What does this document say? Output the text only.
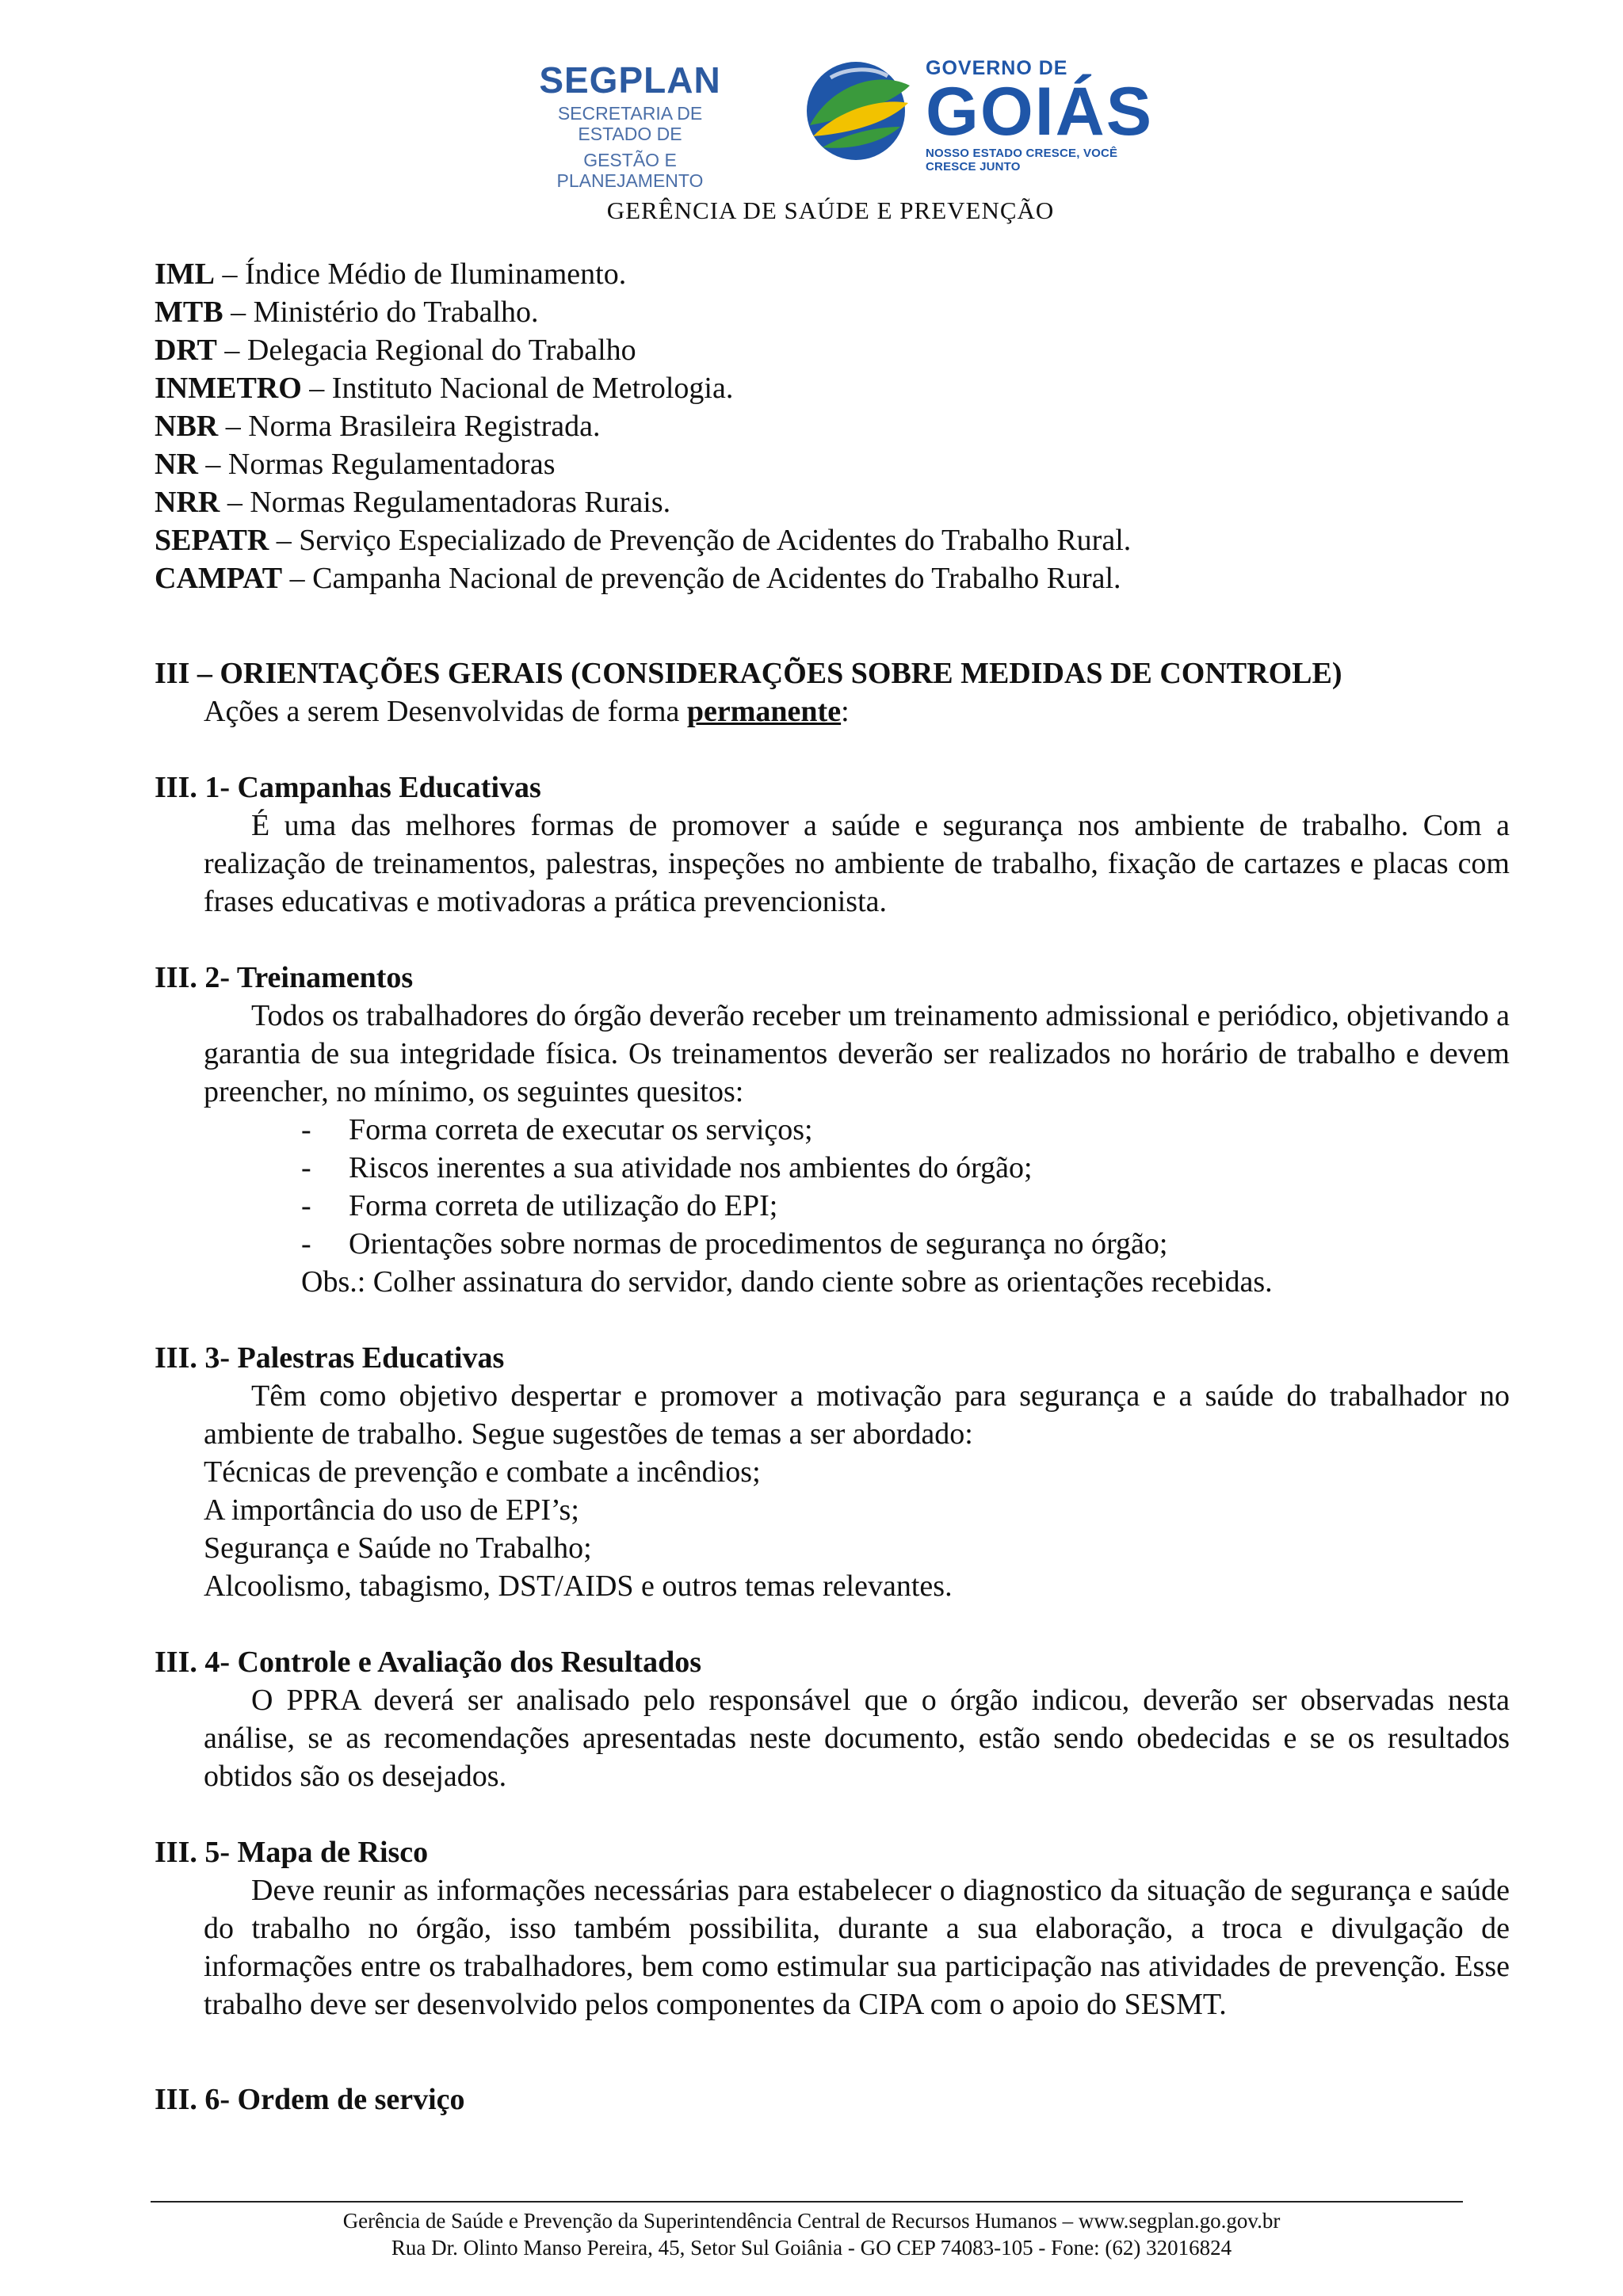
SEGPLAN
SECRETARIA DE ESTADO DE
GESTÃO E PLANEJAMENTO
GOVERNO DE
GOIÁS
NOSSO ESTADO CRESCE, VOCÊ CRESCE JUNTO
GERÊNCIA DE SAÚDE E PREVENÇÃO

IML – Índice Médio de Iluminamento.

MTB – Ministério do Trabalho.

DRT – Delegacia Regional do Trabalho

INMETRO – Instituto Nacional de Metrologia.

NBR – Norma Brasileira Registrada.

NR – Normas Regulamentadoras

NRR – Normas Regulamentadoras Rurais.

SEPATR – Serviço Especializado de Prevenção de Acidentes do Trabalho Rural.

CAMPAT – Campanha Nacional de prevenção de Acidentes do Trabalho Rural.

III – ORIENTAÇÕES GERAIS (CONSIDERAÇÕES SOBRE MEDIDAS DE CONTROLE)

Ações a serem Desenvolvidas de forma permanente:

III. 1- Campanhas Educativas

É uma das melhores formas de promover a saúde e segurança nos ambiente de trabalho. Com a realização de treinamentos, palestras, inspeções no ambiente de trabalho, fixação de cartazes e placas com frases educativas e motivadoras a prática prevencionista.

III. 2- Treinamentos

Todos os trabalhadores do órgão deverão receber um treinamento admissional e periódico, objetivando a garantia de sua integridade física. Os treinamentos deverão ser realizados no horário de trabalho e devem preencher, no mínimo, os seguintes quesitos:

- Forma correta de executar os serviços;
- Riscos inerentes a sua atividade nos ambientes do órgão;
- Forma correta de utilização do EPI;
- Orientações sobre normas de procedimentos de segurança no órgão;

Obs.: Colher assinatura do servidor, dando ciente sobre as orientações recebidas.

III. 3- Palestras Educativas

Têm como objetivo despertar e promover a motivação para segurança e a saúde do trabalhador no ambiente de trabalho. Segue sugestões de temas a ser abordado:

Técnicas de prevenção e combate a incêndios;

A importância do uso de EPI’s;

Segurança e Saúde no Trabalho;

Alcoolismo, tabagismo, DST/AIDS e outros temas relevantes.

III. 4- Controle e Avaliação dos Resultados

O PPRA deverá ser analisado pelo responsável que o órgão indicou, deverão ser observadas nesta análise, se as recomendações apresentadas neste documento, estão sendo obedecidas e se os resultados obtidos são os desejados.

III. 5- Mapa de Risco

Deve reunir as informações necessárias para estabelecer o diagnostico da situação de segurança e saúde do trabalho no órgão, isso também possibilita, durante a sua elaboração, a troca e divulgação de informações entre os trabalhadores, bem como estimular sua participação nas atividades de prevenção. Esse trabalho deve ser desenvolvido pelos componentes da CIPA com o apoio do SESMT.

III. 6- Ordem de serviço

Gerência de Saúde e Prevenção da Superintendência Central de Recursos Humanos – www.segplan.go.gov.br
Rua Dr. Olinto Manso Pereira, 45, Setor Sul Goiânia - GO CEP 74083-105 - Fone: (62) 32016824
